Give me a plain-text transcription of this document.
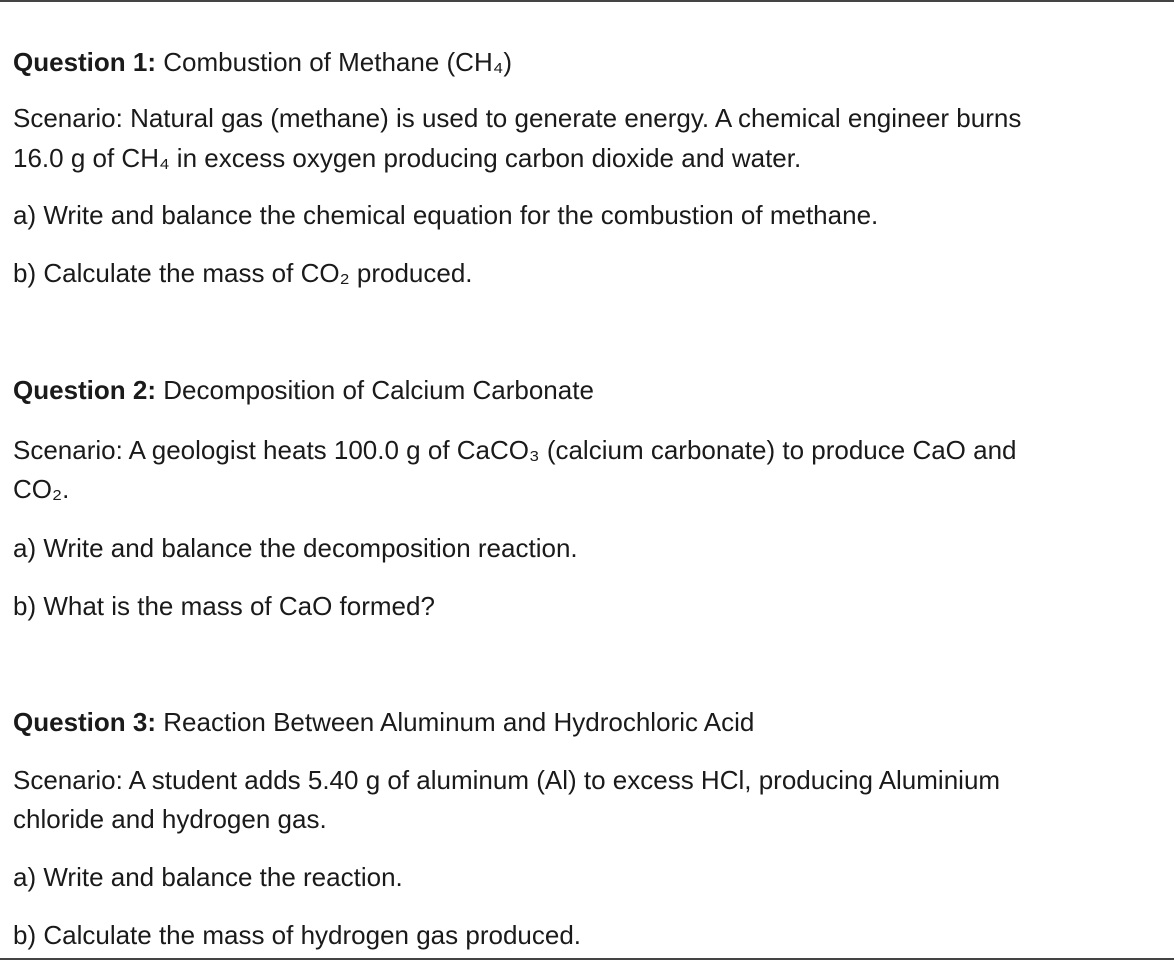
Question 1: Combustion of Methane (CH₄)
Scenario: Natural gas (methane) is used to generate energy. A chemical engineer burns
16.0 g of CH₄ in excess oxygen producing carbon dioxide and water.
a) Write and balance the chemical equation for the combustion of methane.
b) Calculate the mass of CO₂ produced.
Question 2: Decomposition of Calcium Carbonate
Scenario: A geologist heats 100.0 g of CaCO₃ (calcium carbonate) to produce CaO and
CO₂.
a) Write and balance the decomposition reaction.
b) What is the mass of CaO formed?
Question 3: Reaction Between Aluminum and Hydrochloric Acid
Scenario: A student adds 5.40 g of aluminum (Al) to excess HCl, producing Aluminium
chloride and hydrogen gas.
a) Write and balance the reaction.
b) Calculate the mass of hydrogen gas produced.
